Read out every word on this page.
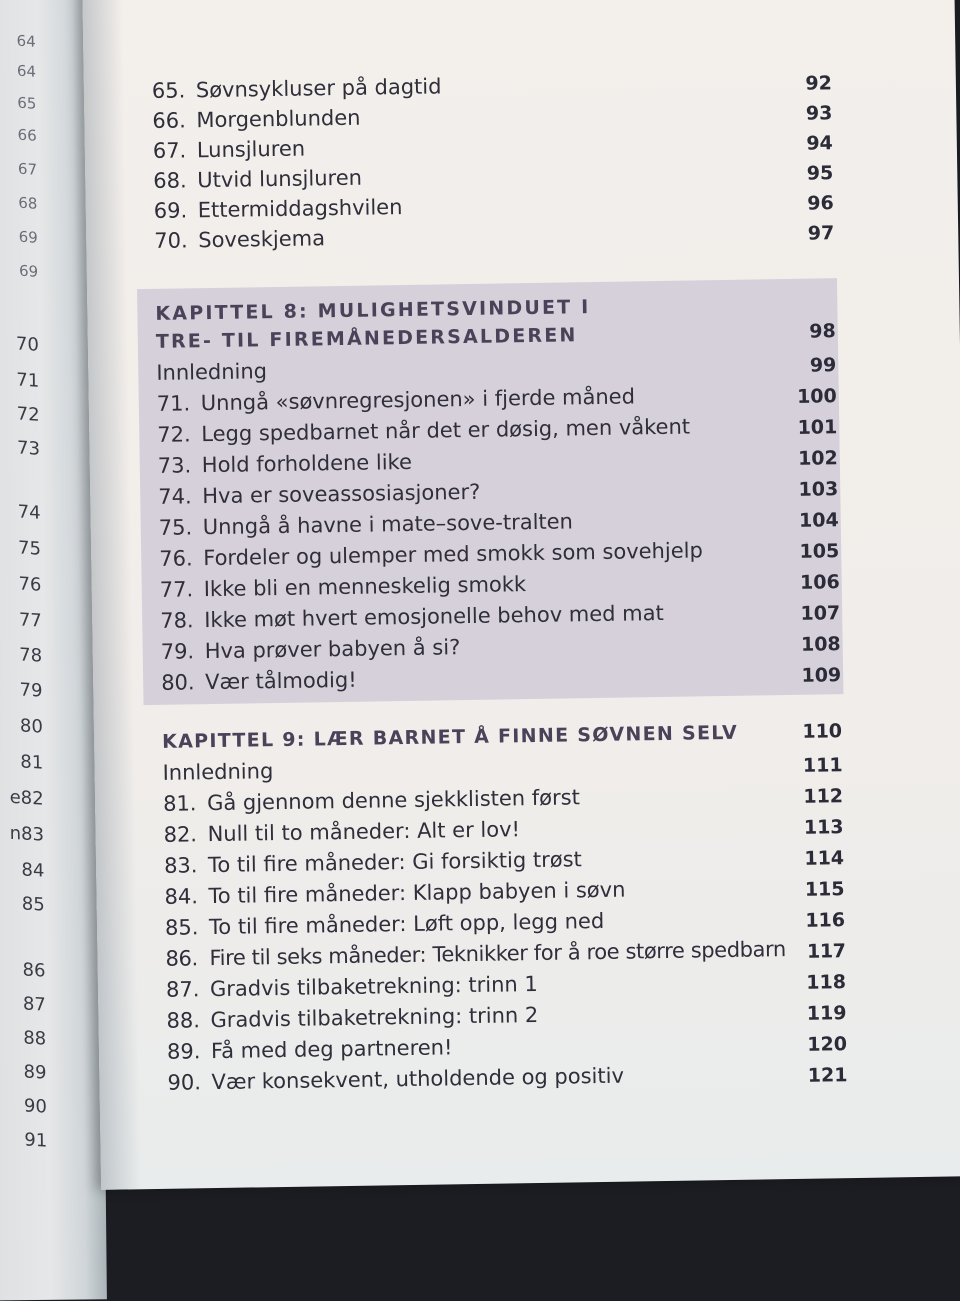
64
64
65
66
67
68
69
69
70
71
72
73
74
75
76
77
78
79
80
81
e82
n83
84
85
86
87
88
89
90
91
65. Søvnsykluser på dagtid	92
66. Morgenblunden	93
67. Lunsjluren	94
68. Utvid lunsjluren	95
69. Ettermiddagshvilen	96
70. Soveskjema	97
KAPITTEL 8: MULIGHETSVINDUET I
TRE- TIL FIREMÅNEDERSALDEREN	98
Innledning	99
71. Unngå «søvnregresjonen» i fjerde måned	100
72. Legg spedbarnet når det er døsig, men våkent	101
73. Hold forholdene like	102
74. Hva er soveassosiasjoner?	103
75. Unngå å havne i mate–sove-tralten	104
76. Fordeler og ulemper med smokk som sovehjelp	105
77. Ikke bli en menneskelig smokk	106
78. Ikke møt hvert emosjonelle behov med mat	107
79. Hva prøver babyen å si?	108
80. Vær tålmodig!	109
KAPITTEL 9: LÆR BARNET Å FINNE SØVNEN SELV	110
Innledning	111
81. Gå gjennom denne sjekklisten først	112
82. Null til to måneder: Alt er lov!	113
83. To til fire måneder: Gi forsiktig trøst	114
84. To til fire måneder: Klapp babyen i søvn	115
85. To til fire måneder: Løft opp, legg ned	116
86. Fire til seks måneder: Teknikker for å roe større spedbarn 117
87. Gradvis tilbaketrekning: trinn 1	118
88. Gradvis tilbaketrekning: trinn 2	119
89. Få med deg partneren!	120
90. Vær konsekvent, utholdende og positiv	121
